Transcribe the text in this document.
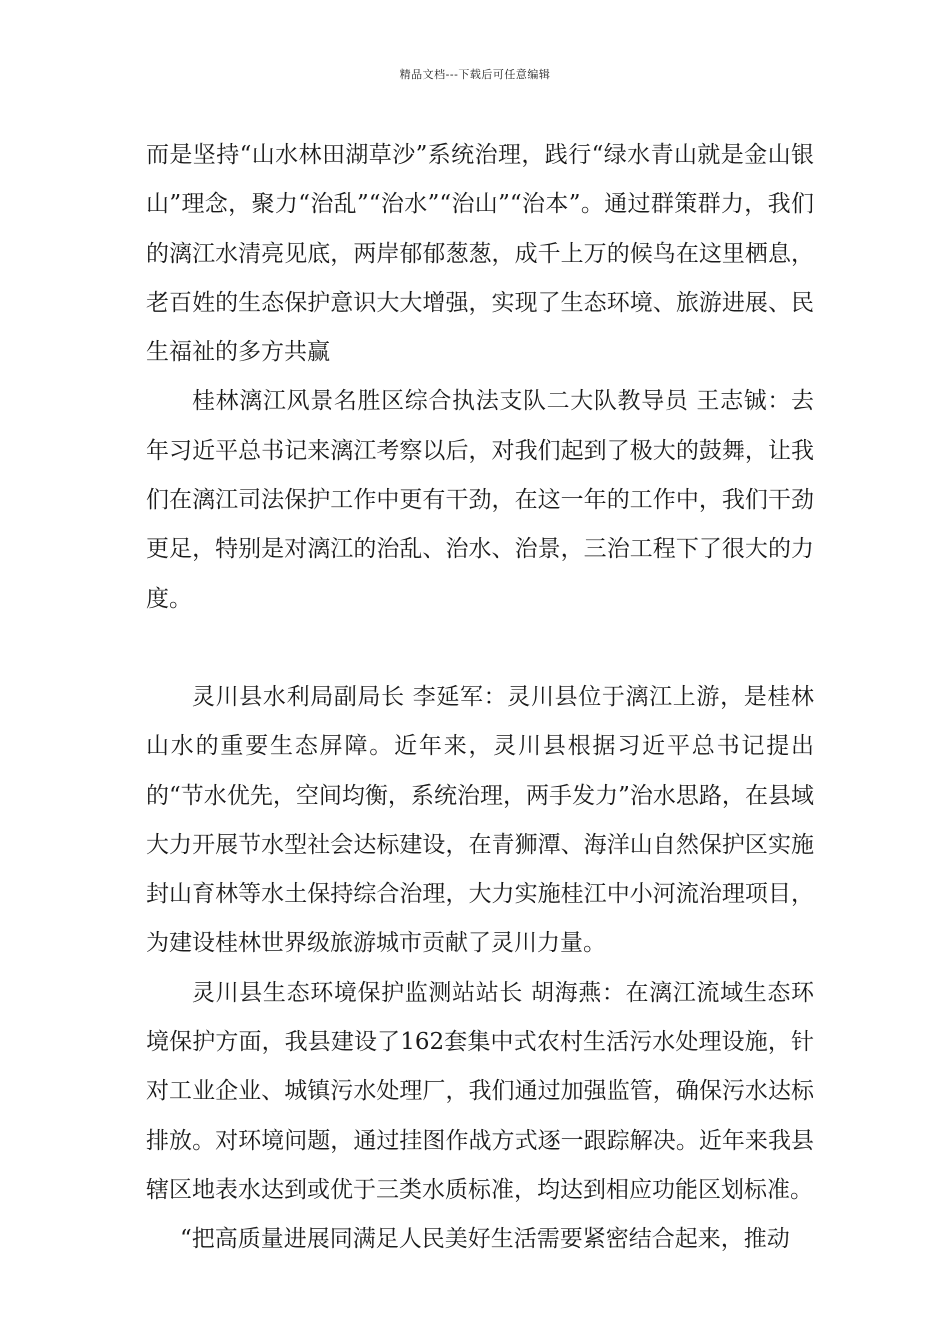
精品文档---下载后可任意编辑

而是坚持“山水林田湖草沙”系统治理，践行“绿水青山就是金山银山”理念，聚力“治乱”“治水”“治山”“治本”。通过群策群力，我们的漓江水清亮见底，两岸郁郁葱葱，成千上万的候鸟在这里栖息，老百姓的生态保护意识大大增强，实现了生态环境、旅游进展、民生福祉的多方共赢

桂林漓江风景名胜区综合执法支队二大队教导员 王志铖：去年习近平总书记来漓江考察以后，对我们起到了极大的鼓舞，让我们在漓江司法保护工作中更有干劲，在这一年的工作中，我们干劲更足，特别是对漓江的治乱、治水、治景，三治工程下了很大的力度。

灵川县水利局副局长 李延军：灵川县位于漓江上游，是桂林山水的重要生态屏障。近年来，灵川县根据习近平总书记提出的“节水优先，空间均衡，系统治理，两手发力”治水思路，在县域大力开展节水型社会达标建设，在青狮潭、海洋山自然保护区实施封山育林等水土保持综合治理，大力实施桂江中小河流治理项目，为建设桂林世界级旅游城市贡献了灵川力量。

灵川县生态环境保护监测站站长 胡海燕：在漓江流域生态环境保护方面，我县建设了162套集中式农村生活污水处理设施，针对工业企业、城镇污水处理厂，我们通过加强监管，确保污水达标排放。对环境问题，通过挂图作战方式逐一跟踪解决。近年来我县辖区地表水达到或优于三类水质标准，均达到相应功能区划标准。

“把高质量进展同满足人民美好生活需要紧密结合起来，推动
